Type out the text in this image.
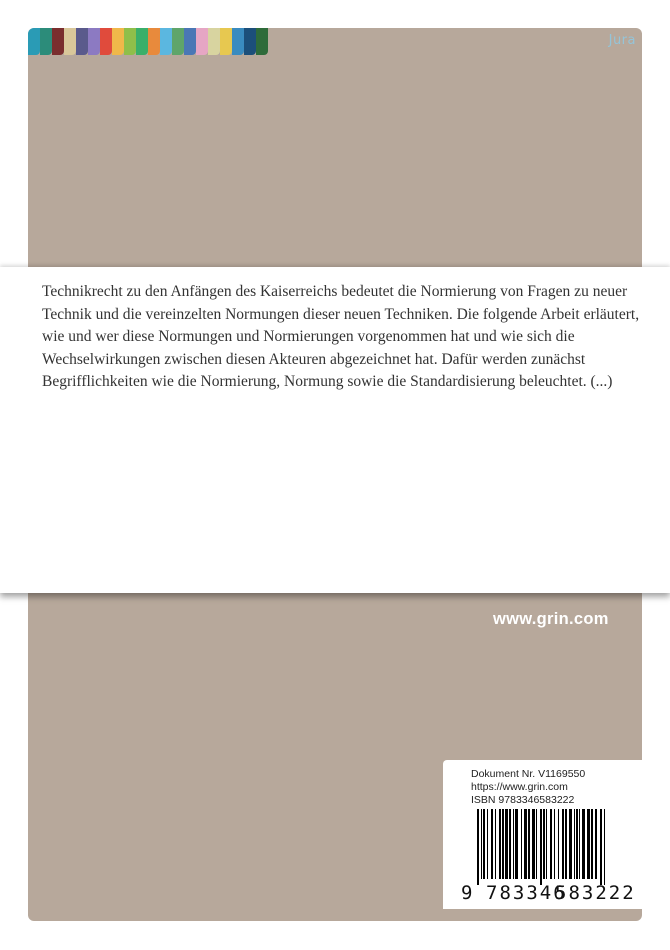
Jura

Technikrecht zu den Anfängen des Kaiserreichs bedeutet die Normierung von Fragen zu neuer Technik und die vereinzelten Normungen dieser neuen Techniken. Die folgende Arbeit erläutert, wie und wer diese Normungen und Normierungen vorgenommen hat und wie sich die Wechselwirkungen zwischen diesen Akteuren abgezeichnet hat. Dafür werden zunächst Begrifflichkeiten wie die Normierung, Normung sowie die Standardisierung beleuchtet. (...)

www.grin.com
Dokument Nr. V1169550
https://www.grin.com
ISBN 9783346583222
9 783346
583222
